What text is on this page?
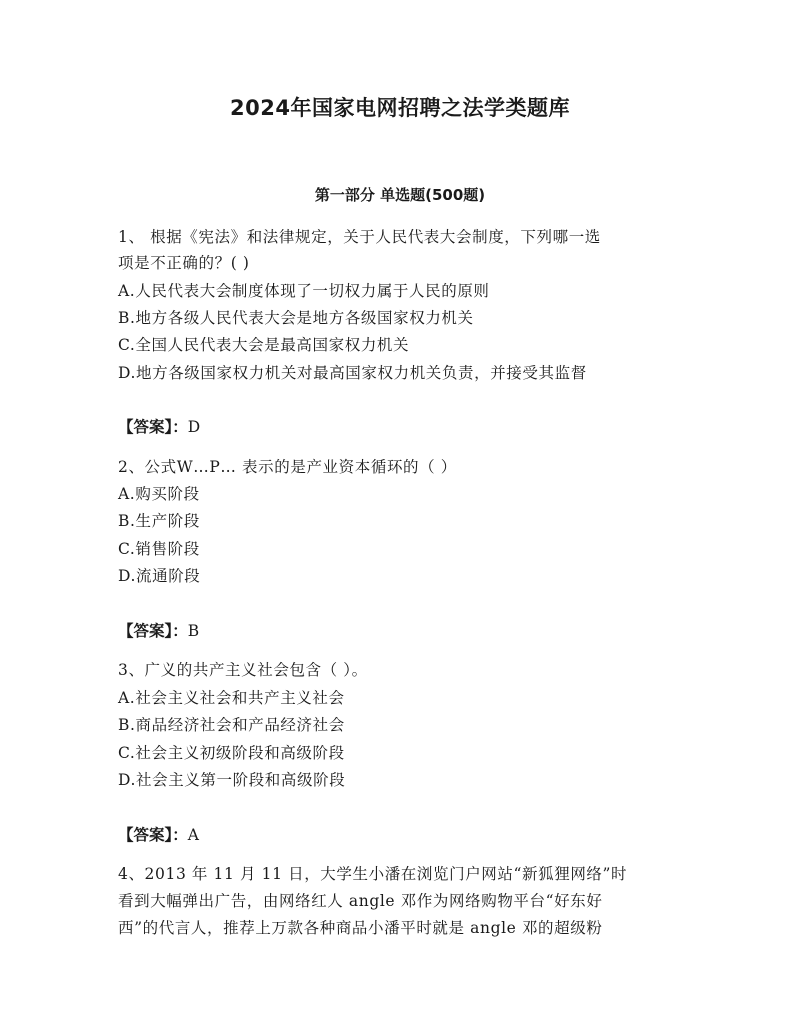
2024年国家电网招聘之法学类题库
第一部分 单选题(500题)
1、 根据《宪法》和法律规定，关于人民代表大会制度，下列哪一选
项是不正确的？( )
A.人民代表大会制度体现了一切权力属于人民的原则
B.地方各级人民代表大会是地方各级国家权力机关
C.全国人民代表大会是最高国家权力机关
D.地方各级国家权力机关对最高国家权力机关负责，并接受其监督
【答案】：D
2、公式W…P… 表示的是产业资本循环的（ ）
A.购买阶段
B.生产阶段
C.销售阶段
D.流通阶段
【答案】：B
3、广义的共产主义社会包含（ ）。
A.社会主义社会和共产主义社会
B.商品经济社会和产品经济社会
C.社会主义初级阶段和高级阶段
D.社会主义第一阶段和高级阶段
【答案】：A
4、2013 年 11 月 11 日，大学生小潘在浏览门户网站“新狐狸网络”时
看到大幅弹出广告，由网络红人 angle 邓作为网络购物平台“好东好
西”的代言人，推荐上万款各种商品小潘平时就是 angle 邓的超级粉
